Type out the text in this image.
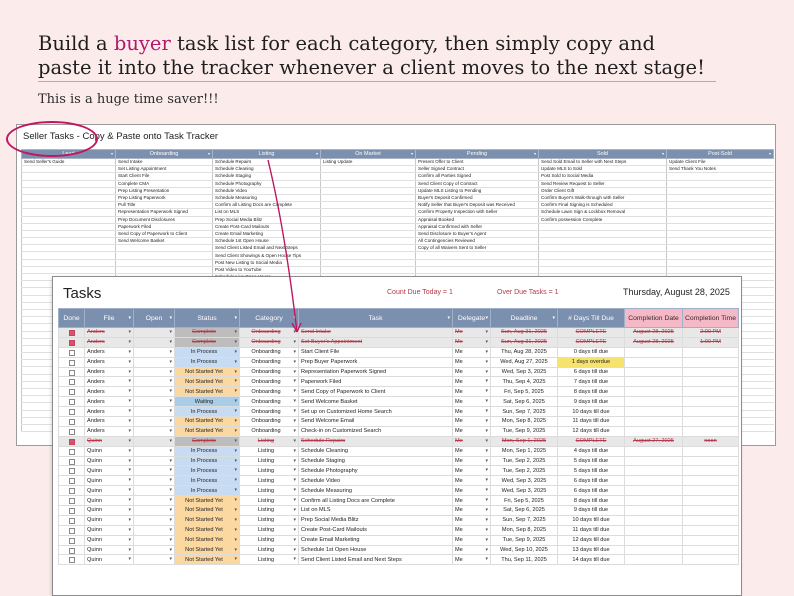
Build a buyer task list for each category, then simply copy and
paste it into the tracker whenever a client moves to the next stage!
This is a huge time saver!!!
Seller Tasks - Copy & Paste onto Task Tracker
Lead ▾	Onboarding ▾	Listing ▾	On Market ▾	Pending ▾	Sold ▾	Post-Sold ▾

Send Seller's Guide	Send Intake	Schedule Repairs	Listing Update	Present Offer to Client	Send Sold Email to Seller with Next Steps	Update Client File
	Set Listing Appointment	Schedule Cleaning		Seller Signed Contract	Update MLS to Sold	Send Thank You Notes
	Start Client File	Schedule Staging		Confirm all Parties Signed	Post Sold to Social Media	
	Complete CMA	Schedule Photography		Send Client Copy of Contract	Send Review Request to Seller	
	Prep Listing Presentation	Schedule Video		Update MLS Listing to Pending	Order Client Gift	
	Prep Listing Paperwork	Schedule Measuring		Buyer's Deposit Confirmed	Confirm Buyer's Walk-through with Seller	
	Pull Title	Confirm all Listing Docs are Complete		Notify Seller that Buyer's Deposit was Received	Confirm Final Signing is Scheduled	
	Representation Paperwork Signed	List on MLS		Confirm Property Inspection with Seller	Schedule Lawn Sign & Lockbox Removal	
	Prep Document Disclosures	Prep Social Media Blitz		Appraisal Booked	Confirm possession Complete	
	Paperwork Filed	Create Post-Card Mailouts		Appraisal Confirmed with Seller		
	Send Copy of Paperwork to Client	Create Email Marketing		Send Disclosure to Buyer's Agent		
	Send Welcome Basket	Schedule 1st Open House		All Contingencies Reviewed		
		Send Client Listed Email and Next Steps		Copy of all Waivers Sent to Seller		
		Send Client Showings & Open House Tips				
		Post New Listing to Social Media				
		Post Video to YouTube				

Tasks	Count Due Today = 1	Over Due Tasks = 1	Thursday, August 28, 2025
Done	File ▾	Open ▾	Status ▾	Category ▾	Task ▾	Delegate ▾	Deadline ▾	# Days Till Due	Completion Date	Completion Time

	Anders ▾	▾	Complete ▾	Onboarding ▾	Send Intake	Me ▾	Sun, Aug 31, 2025	COMPLETE	August 28, 2025	2:00 PM

	Anders ▾	▾	Complete ▾	Onboarding ▾	Set Buyer's Appointment	Me ▾	Sun, Aug 31, 2025	COMPLETE	August 28, 2025	1:00 PM

	Anders ▾	▾	In Process ▾	Onboarding ▾	Start Client File	Me ▾	Thu, Aug 28, 2025	0 days till due		

	Anders ▾	▾	In Process ▾	Onboarding ▾	Prep Buyer Paperwork	Me ▾	Wed, Aug 27, 2025	1 days overdue		

	Anders ▾	▾	Not Started Yet ▾	Onboarding ▾	Representation Paperwork Signed	Me ▾	Wed, Sep 3, 2025	6 days till due		

	Anders ▾	▾	Not Started Yet ▾	Onboarding ▾	Paperwork Filed	Me ▾	Thu, Sep 4, 2025	7 days till due		

	Anders ▾	▾	Not Started Yet ▾	Onboarding ▾	Send Copy of Paperwork to Client	Me ▾	Fri, Sep 5, 2025	8 days till due		

	Anders ▾	▾	Waiting ▾	Onboarding ▾	Send Welcome Basket	Me ▾	Sat, Sep 6, 2025	9 days till due		

	Anders ▾	▾	In Process ▾	Onboarding ▾	Set up on Customized Home Search	Me ▾	Sun, Sep 7, 2025	10 days till due		

	Anders ▾	▾	Not Started Yet ▾	Onboarding ▾	Send Welcome Email	Me ▾	Mon, Sep 8, 2025	11 days till due		

	Anders ▾	▾	Not Started Yet ▾	Onboarding ▾	Check-in on Customized Search	Me ▾	Tue, Sep 9, 2025	12 days till due		

	Quinn ▾	▾	Complete ▾	Listing ▾	Schedule Repairs	Me ▾	Mon, Sep 1, 2025	COMPLETE	August 27, 2025	noon

	Quinn ▾	▾	In Process ▾	Listing ▾	Schedule Cleaning	Me ▾	Mon, Sep 1, 2025	4 days till due		

	Quinn ▾	▾	In Process ▾	Listing ▾	Schedule Staging	Me ▾	Tue, Sep 2, 2025	5 days till due		

	Quinn ▾	▾	In Process ▾	Listing ▾	Schedule Photography	Me ▾	Tue, Sep 2, 2025	5 days till due		

	Quinn ▾	▾	In Process ▾	Listing ▾	Schedule Video	Me ▾	Wed, Sep 3, 2025	6 days till due		

	Quinn ▾	▾	In Process ▾	Listing ▾	Schedule Measuring	Me ▾	Wed, Sep 3, 2025	6 days till due		

	Quinn ▾	▾	Not Started Yet ▾	Listing ▾	Confirm all Listing Docs are Complete	Me ▾	Fri, Sep 5, 2025	8 days till due		

	Quinn ▾	▾	Not Started Yet ▾	Listing ▾	List on MLS	Me ▾	Sat, Sep 6, 2025	9 days till due		

	Quinn ▾	▾	Not Started Yet ▾	Listing ▾	Prep Social Media Blitz	Me ▾	Sun, Sep 7, 2025	10 days till due		

	Quinn ▾	▾	Not Started Yet ▾	Listing ▾	Create Post-Card Mailouts	Me ▾	Mon, Sep 8, 2025	11 days till due		

	Quinn ▾	▾	Not Started Yet ▾	Listing ▾	Create Email Marketing	Me ▾	Tue, Sep 9, 2025	12 days till due		

	Quinn ▾	▾	Not Started Yet ▾	Listing ▾	Schedule 1st Open House	Me ▾	Wed, Sep 10, 2025	13 days till due		

	Quinn ▾	▾	Not Started Yet ▾	Listing ▾	Send Client Listed Email and Next Steps	Me ▾	Thu, Sep 11, 2025	14 days till due		
